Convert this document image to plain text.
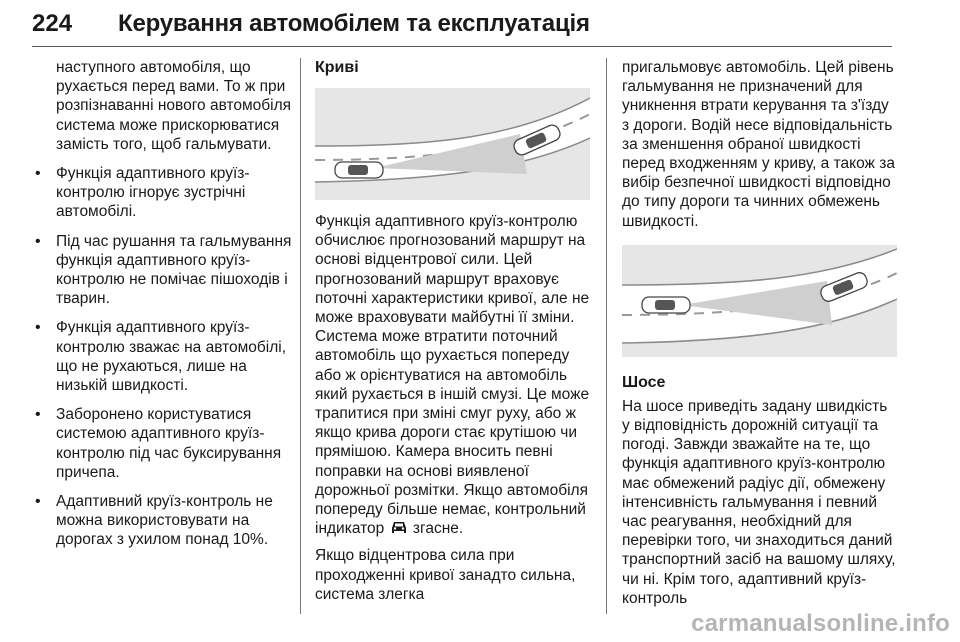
224 Керування автомобілем та експлуатація

наступного автомобіля, що рухається перед вами. То ж при розпізнаванні нового автомобіля система може прискорюватися замість того, щоб гальмувати.

• Функція адаптивного круїз-контролю ігнорує зустрічні автомобілі.
• Під час рушання та гальмування функція адаптивного круїз-контролю не помічає пішоходів і тварин.
• Функція адаптивного круїз-контролю зважає на автомобілі, що не рухаються, лише на низькій швидкості.
• Заборонено користуватися системою адаптивного круїз-контролю під час буксирування причепа.
• Адаптивний круїз-контроль не можна використовувати на дорогах з ухилом понад 10%.
Криві

Функція адаптивного круїз-контролю обчислює прогнозований маршрут на основі відцентрової сили. Цей прогнозований маршрут враховує поточні характеристики кривої, але не може враховувати майбутні її зміни. Система може втратити поточний автомобіль що рухається попереду або ж орієнтуватися на автомобіль який рухається в іншій смузі. Це може трапитися при зміні смуг руху, або ж якщо крива дороги стає крутішою чи прямішою. Камера вносить певні поправки на основі виявленої дорожньої розмітки. Якщо автомобіля попереду більше немає, контрольний індикатор згасне.

Якщо відцентрова сила при проходженні кривої занадто сильна, система злегка

пригальмовує автомобіль. Цей рівень гальмування не призначений для уникнення втрати керування та з'їзду з дороги. Водій несе відповідальність за зменшення обраної швидкості перед входженням у криву, а також за вибір безпечної швидкості відповідно до типу дороги та чинних обмежень швидкості.

Шосе

На шосе приведіть задану швидкість у відповідність дорожній ситуації та погоді. Завжди зважайте на те, що функція адаптивного круїз-контролю має обмежений радіус дії, обмежену інтенсивність гальмування і певний час реагування, необхідний для перевірки того, чи знаходиться даний транспортний засіб на вашому шляху, чи ні. Крім того, адаптивний круїз-контроль

carmanualsonline.info
